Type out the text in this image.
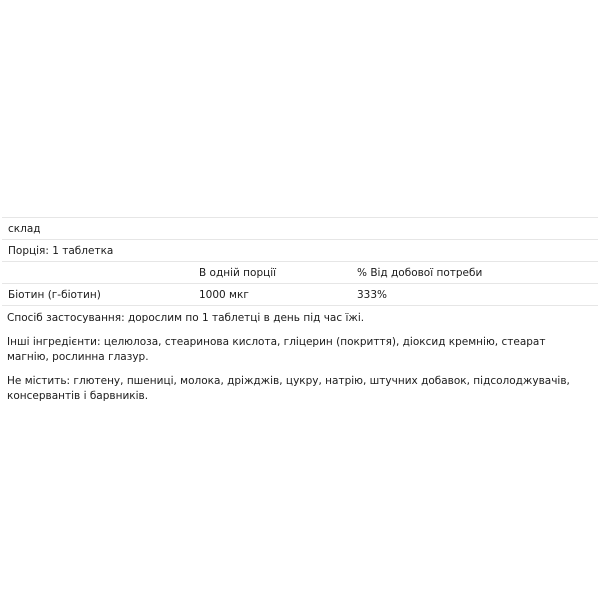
склад		
Порція: 1 таблетка		
	В одній порції	% Від добової потреби
Біотин (г-біотин)	1000 мкг	333%

Спосіб застосування: дорослим по 1 таблетці в день під час їжі.

Інші інгредієнти: целюлоза, стеаринова кислота, гліцерин (покриття), діоксид кремнію, стеарат магнію, рослинна глазур.

Не містить: глютену, пшениці, молока, дріжджів, цукру, натрію, штучних добавок, підсолоджувачів, консервантів і барвників.
